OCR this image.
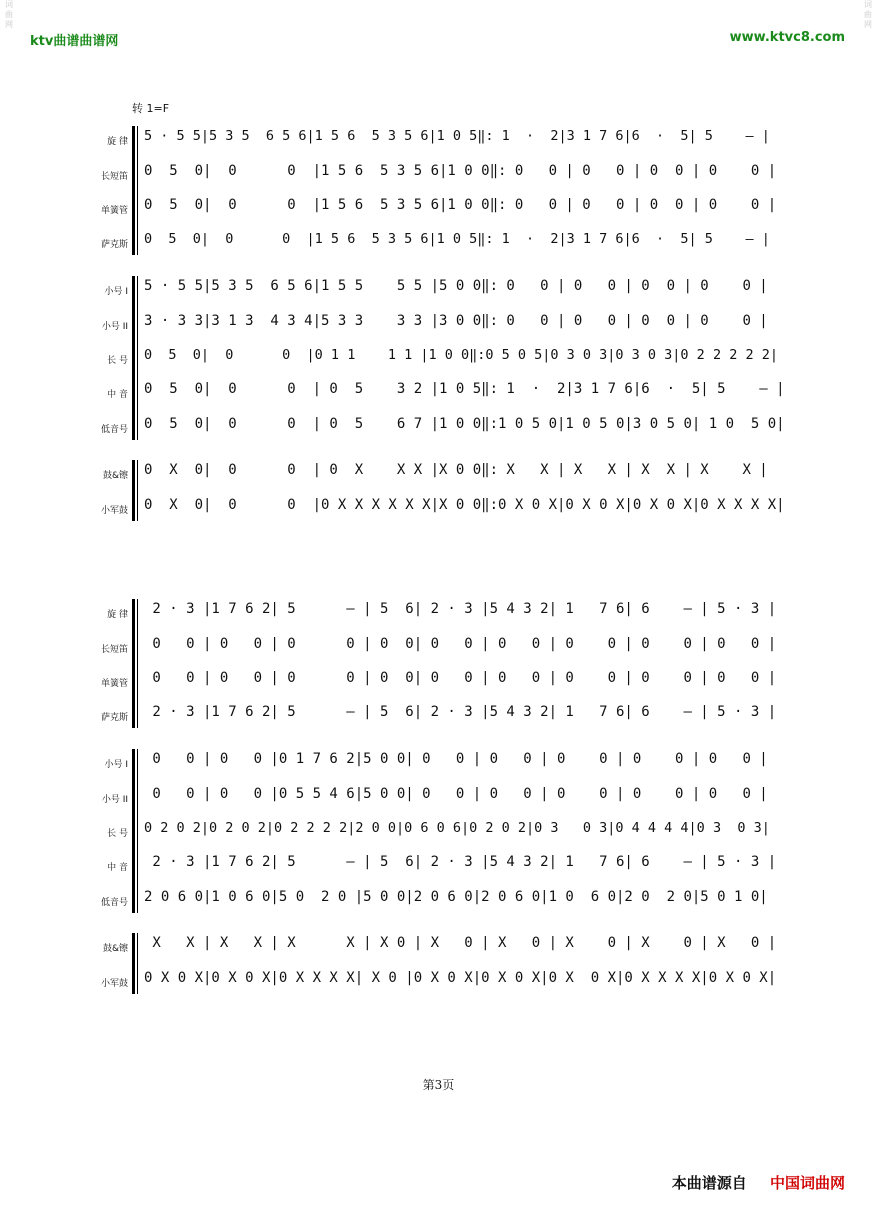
词
曲
网

词
曲
网

ktv曲谱曲谱网	www.ktvc8.com
转 1=F
旋 律 5 · 5 5|5 3 5  6 5 6|1 5 6  5 3 5 6|1 0 5‖: 1  ·  2|3 1 7 6|6  ·  5| 5    — |
长短笛 0  5  0|  0      0  |1 5 6  5 3 5 6|1 0 0‖: 0   0 | 0   0 | 0  0 | 0    0 |
单簧管 0  5  0|  0      0  |1 5 6  5 3 5 6|1 0 0‖: 0   0 | 0   0 | 0  0 | 0    0 |
萨克斯 0  5  0|  0      0  |1 5 6  5 3 5 6|1 0 5‖: 1  ·  2|3 1 7 6|6  ·  5| 5    — |
小号 I 5 · 5 5|5 3 5  6 5 6|1 5 5    5 5 |5 0 0‖: 0   0 | 0   0 | 0  0 | 0    0 |
小号 II 3 · 3 3|3 1 3  4 3 4|5 3 3    3 3 |3 0 0‖: 0   0 | 0   0 | 0  0 | 0    0 |
长 号 0  5  0|  0      0  |0 1 1    1 1 |1 0 0‖:0 5 0 5|0 3 0 3|0 3 0 3|0 2 2 2 2 2|
中 音 0  5  0|  0      0  | 0  5    3 2 |1 0 5‖: 1  ·  2|3 1 7 6|6  ·  5| 5    — |
低音号 0  5  0|  0      0  | 0  5    6 7 |1 0 0‖:1 0 5 0|1 0 5 0|3 0 5 0| 1 0  5 0|
鼓&镲 0  X  0|  0      0  | 0  X    X X |X 0 0‖: X   X | X   X | X  X | X    X |
小军鼓 0  X  0|  0      0  |0 X X X X X X|X 0 0‖:0 X 0 X|0 X 0 X|0 X 0 X|0 X X X X|
旋 律 2 · 3 |1 7 6 2| 5      — | 5  6| 2 · 3 |5 4 3 2| 1   7 6| 6    — | 5 · 3 |
长短笛 0   0 | 0   0 | 0      0 | 0  0| 0   0 | 0   0 | 0    0 | 0    0 | 0   0 |
单簧管 0   0 | 0   0 | 0      0 | 0  0| 0   0 | 0   0 | 0    0 | 0    0 | 0   0 |
萨克斯 2 · 3 |1 7 6 2| 5      — | 5  6| 2 · 3 |5 4 3 2| 1   7 6| 6    — | 5 · 3 |
小号 I 0   0 | 0   0 |0 1 7 6 2|5 0 0| 0   0 | 0   0 | 0    0 | 0    0 | 0   0 |
小号 II 0   0 | 0   0 |0 5 5 4 6|5 0 0| 0   0 | 0   0 | 0    0 | 0    0 | 0   0 |
长 号 0 2 0 2|0 2 0 2|0 2 2 2 2|2 0 0|0 6 0 6|0 2 0 2|0 3   0 3|0 4 4 4 4|0 3  0 3|
中 音 2 · 3 |1 7 6 2| 5      — | 5  6| 2 · 3 |5 4 3 2| 1   7 6| 6    — | 5 · 3 |
低音号 2 0 6 0|1 0 6 0|5 0  2 0 |5 0 0|2 0 6 0|2 0 6 0|1 0  6 0|2 0  2 0|5 0 1 0|
鼓&镲 X   X | X   X | X      X | X 0 | X   0 | X   0 | X    0 | X    0 | X   0 |
小军鼓 0 X 0 X|0 X 0 X|0 X X X X| X 0 |0 X 0 X|0 X 0 X|0 X  0 X|0 X X X X|0 X 0 X|
第3页
本曲谱源自 中国词曲网
